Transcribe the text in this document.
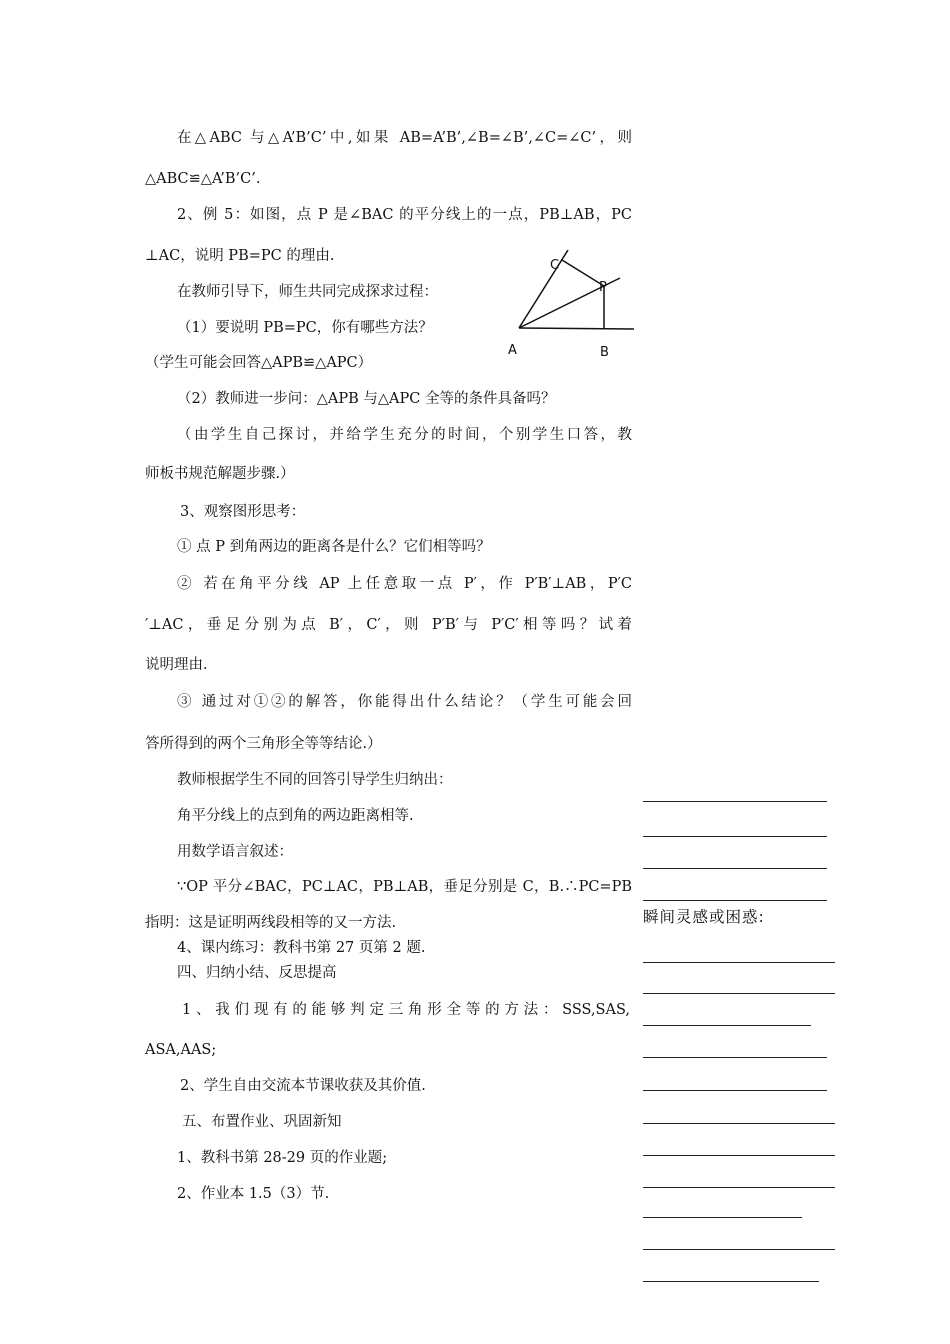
在△ABC 与△A’B’C’中,如果 AB=A’B’,∠B=∠B’,∠C=∠C’，则
△ABC≌△A’B’C’.
2、例 5：如图，点 P 是∠BAC 的平分线上的一点，PB⊥AB，PC
⊥AC，说明 PB=PC 的理由.
在教师引导下，师生共同完成探求过程：
（1）要说明 PB=PC，你有哪些方法？
（学生可能会回答△APB≌△APC）
（2）教师进一步问：△APB 与△APC 全等的条件具备吗？
（由学生自己探讨，并给学生充分的时间，个别学生口答，教
师板书规范解题步骤.）
3、观察图形思考：
① 点 P 到角两边的距离各是什么？它们相等吗？
② 若在角平分线 AP 上任意取一点 P′，作 P′B′⊥AB，P′C
′⊥AC，垂足分别为点 B′，C′，则 P′B′与 P′C′相等吗？试着
说明理由.
③ 通过对①②的解答，你能得出什么结论？（学生可能会回
答所得到的两个三角形全等等结论.）
教师根据学生不同的回答引导学生归纳出：
角平分线上的点到角的两边距离相等.
用数学语言叙述：
∵OP 平分∠BAC，PC⊥AC，PB⊥AB，垂足分别是 C，B.∴PC=PB
指明：这是证明两线段相等的又一方法.
4、课内练习：教科书第 27 页第 2 题.
四、归纳小结、反思提高
1、我们现有的能够判定三角形全等的方法：SSS,SAS,
ASA,AAS;
2、学生自由交流本节课收获及其价值.
五、布置作业、巩固新知
1、教科书第 28-29 页的作业题;
2、作业本 1.5（3）节.
C
P
A	B
瞬间灵感或困惑:
